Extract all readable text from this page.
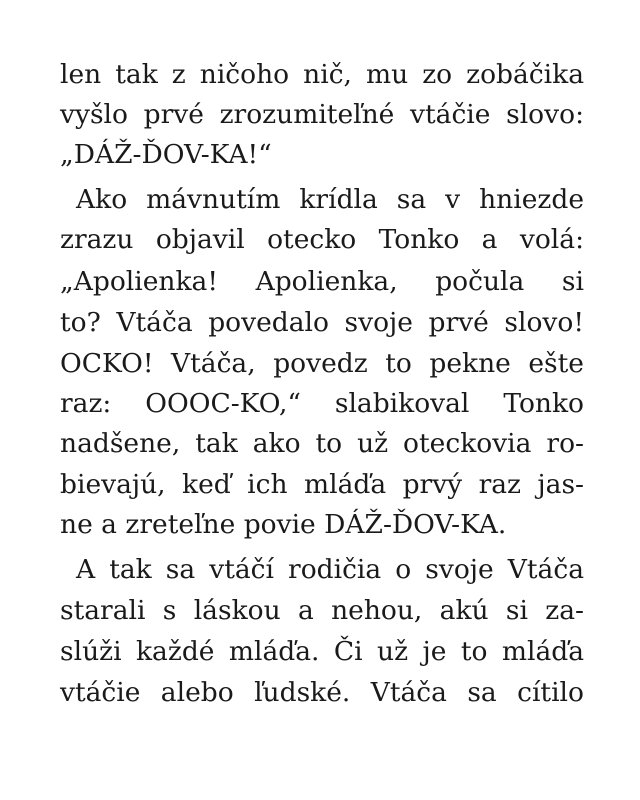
len tak z ničoho nič, mu zo zobáčika
vyšlo prvé zrozumiteľné vtáčie slovo:
„DÁŽ-ĎOV-KA!“
Ako mávnutím krídla sa v hniezde
zrazu objavil otecko Tonko a volá:
„Apolienka! Apolienka, počula si
to? Vtáča povedalo svoje prvé slovo!
OCKO! Vtáča, povedz to pekne ešte
raz: OOOC-KO,“ slabikoval Tonko
nadšene, tak ako to už oteckovia ro-
bievajú, keď ich mláďa prvý raz jas-
ne a zreteľne povie DÁŽ-ĎOV-KA.
A tak sa vtáčí rodičia o svoje Vtáča
starali s láskou a nehou, akú si za-
slúži každé mláďa. Či už je to mláďa
vtáčie alebo ľudské. Vtáča sa cítilo
